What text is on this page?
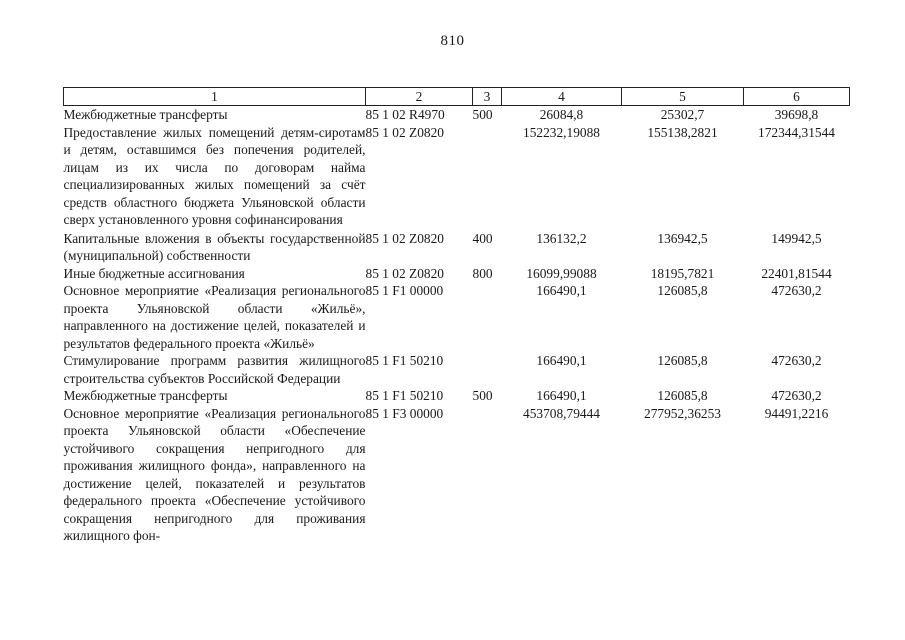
810
1	2	3	4	5	6
Межбюджетные трансферты	85 1 02 R4970	500	26084,8	25302,7	39698,8
Предоставление жилых помещений детям-сиротам и детям, оставшимся без попечения родителей, лицам из их числа по договорам найма специализированных жилых помещений за счёт средств областного бюджета Ульяновской области сверх установленного уровня софинансирования	85 1 02 Z0820		152232,19088	155138,2821	172344,31544
Капитальные вложения в объекты государственной (муниципальной) собственности	85 1 02 Z0820	400	136132,2	136942,5	149942,5
Иные бюджетные ассигнования	85 1 02 Z0820	800	16099,99088	18195,7821	22401,81544
Основное мероприятие «Реализация регионального проекта Ульяновской области «Жильё», направленного на достижение целей, показателей и результатов федерального проекта «Жильё»	85 1 F1 00000		166490,1	126085,8	472630,2
Стимулирование программ развития жилищного строительства субъектов Российской Федерации	85 1 F1 50210		166490,1	126085,8	472630,2
Межбюджетные трансферты	85 1 F1 50210	500	166490,1	126085,8	472630,2
Основное мероприятие «Реализация регионального проекта Ульяновской области «Обеспечение устойчивого сокращения непригодного для проживания жилищного фонда», направленного на достижение целей, показателей и результатов федерального проекта «Обеспечение устойчивого сокращения непригодного для проживания жилищного фон-	85 1 F3 00000		453708,79444	277952,36253	94491,2216
